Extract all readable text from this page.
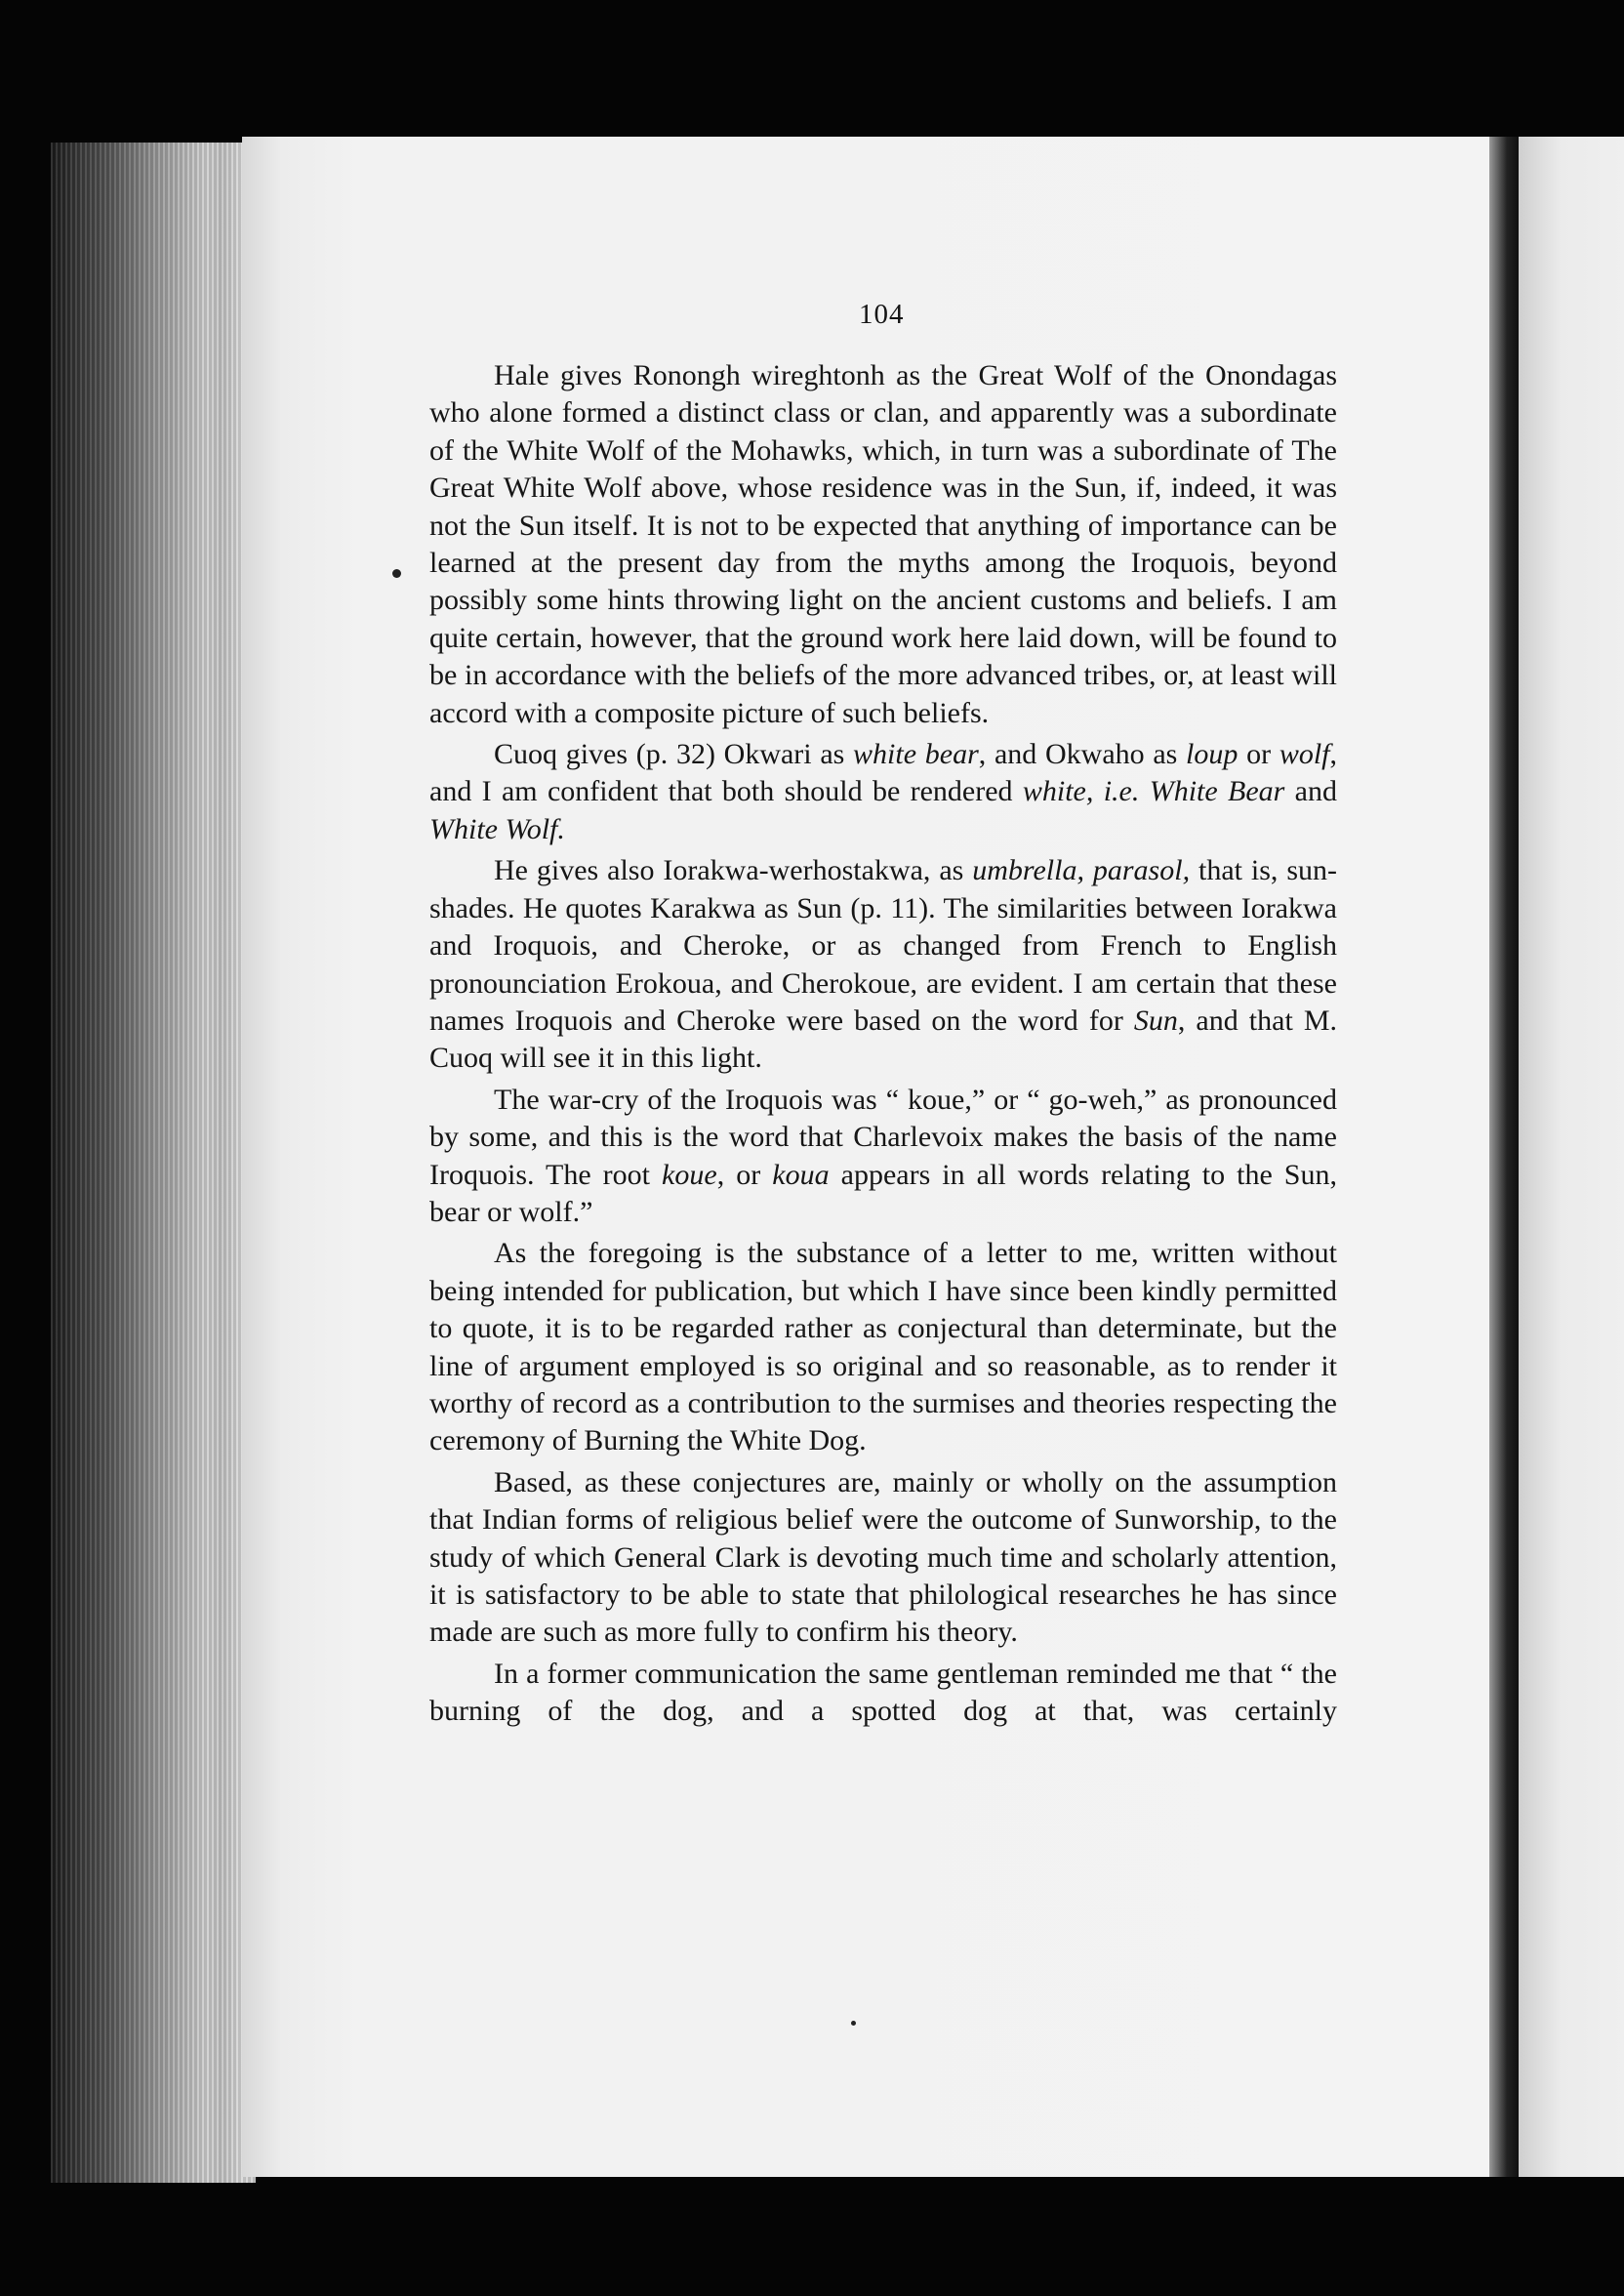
104

Hale gives Ronongh wireghtonh as the Great Wolf of the Onondagas who alone formed a distinct class or clan, and apparently was a subordinate of the White Wolf of the Mohawks, which, in turn was a subordinate of The Great White Wolf above, whose residence was in the Sun, if, indeed, it was not the Sun itself. It is not to be expected that anything of importance can be learned at the present day from the myths among the Iroquois, beyond possibly some hints throwing light on the ancient customs and beliefs. I am quite certain, however, that the ground work here laid down, will be found to be in accordance with the beliefs of the more advanced tribes, or, at least will accord with a composite picture of such beliefs.

Cuoq gives (p. 32) Okwari as white bear, and Okwaho as loup or wolf, and I am confident that both should be rendered white, i.e. White Bear and White Wolf.

He gives also Iorakwa-werhostakwa, as umbrella, parasol, that is, sun-shades. He quotes Karakwa as Sun (p. 11). The similarities between Iorakwa and Iroquois, and Cheroke, or as changed from French to English pronounciation Erokoua, and Cherokoue, are evident. I am certain that these names Iroquois and Cheroke were based on the word for Sun, and that M. Cuoq will see it in this light.

The war-cry of the Iroquois was “ koue,” or “ go-weh,” as pronounced by some, and this is the word that Charlevoix makes the basis of the name Iroquois. The root koue, or koua appears in all words relating to the Sun, bear or wolf.”

As the foregoing is the substance of a letter to me, written without being intended for publication, but which I have since been kindly permitted to quote, it is to be regarded rather as conjectural than determinate, but the line of argument employed is so original and so reasonable, as to render it worthy of record as a contribution to the surmises and theories respecting the ceremony of Burning the White Dog.

Based, as these conjectures are, mainly or wholly on the assumption that Indian forms of religious belief were the outcome of Sunworship, to the study of which General Clark is devoting much time and scholarly attention, it is satisfactory to be able to state that philological researches he has since made are such as more fully to confirm his theory.

In a former communication the same gentleman reminded me that “ the burning of the dog, and a spotted dog at that, was certainly
